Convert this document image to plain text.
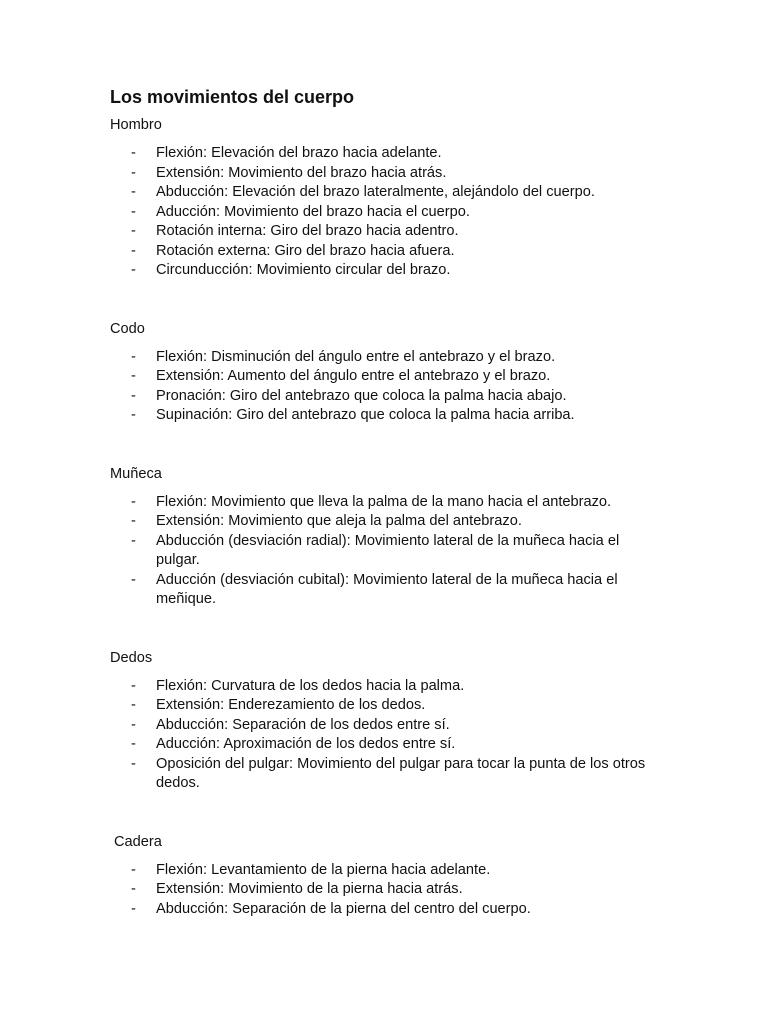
Los movimientos del cuerpo
Hombro
- Flexión: Elevación del brazo hacia adelante.
- Extensión: Movimiento del brazo hacia atrás.
- Abducción: Elevación del brazo lateralmente, alejándolo del cuerpo.
- Aducción: Movimiento del brazo hacia el cuerpo.
- Rotación interna: Giro del brazo hacia adentro.
- Rotación externa: Giro del brazo hacia afuera.
- Circunducción: Movimiento circular del brazo.
Codo
- Flexión: Disminución del ángulo entre el antebrazo y el brazo.
- Extensión: Aumento del ángulo entre el antebrazo y el brazo.
- Pronación: Giro del antebrazo que coloca la palma hacia abajo.
- Supinación: Giro del antebrazo que coloca la palma hacia arriba.
Muñeca
- Flexión: Movimiento que lleva la palma de la mano hacia el antebrazo.
- Extensión: Movimiento que aleja la palma del antebrazo.
- Abducción (desviación radial): Movimiento lateral de la muñeca hacia el pulgar.
- Aducción (desviación cubital): Movimiento lateral de la muñeca hacia el meñique.
Dedos
- Flexión: Curvatura de los dedos hacia la palma.
- Extensión: Enderezamiento de los dedos.
- Abducción: Separación de los dedos entre sí.
- Aducción: Aproximación de los dedos entre sí.
- Oposición del pulgar: Movimiento del pulgar para tocar la punta de los otros dedos.
Cadera
- Flexión: Levantamiento de la pierna hacia adelante.
- Extensión: Movimiento de la pierna hacia atrás.
- Abducción: Separación de la pierna del centro del cuerpo.
